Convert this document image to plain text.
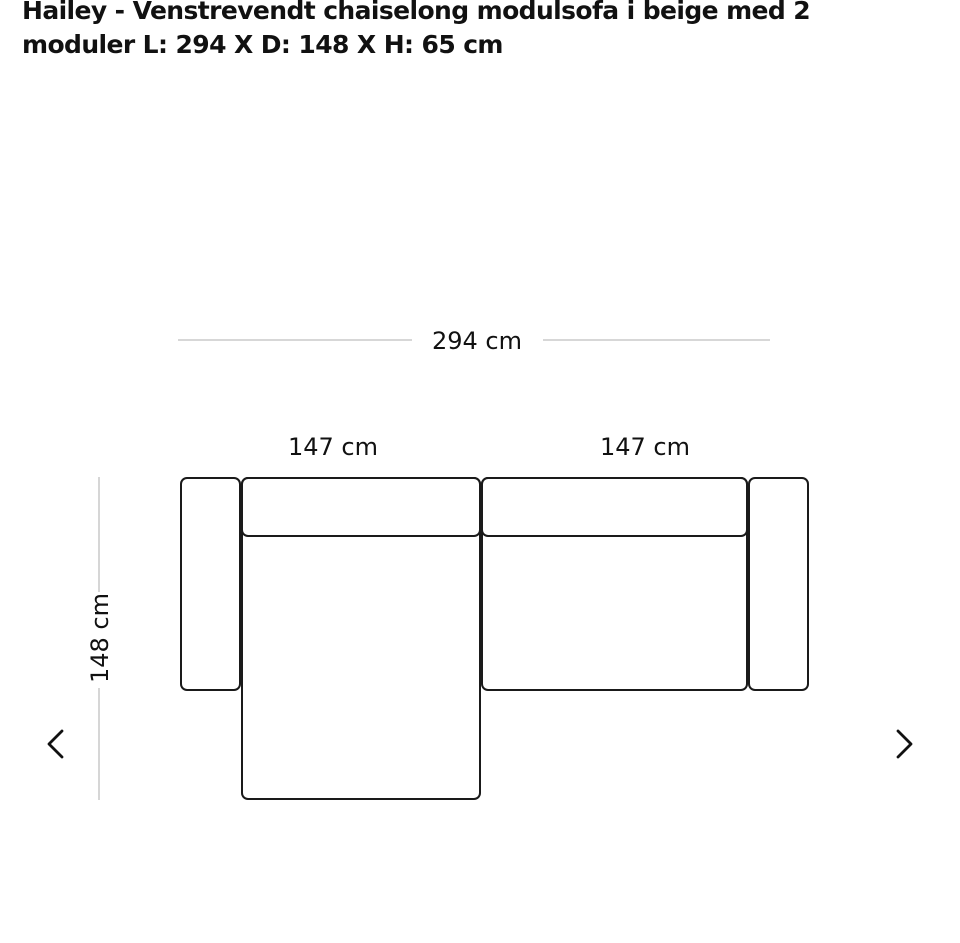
Hailey - Venstrevendt chaiselong modulsofa i beige med 2
moduler L: 294 X D: 148 X H: 65 cm
294 cm
147 cm	147 cm
148 cm
